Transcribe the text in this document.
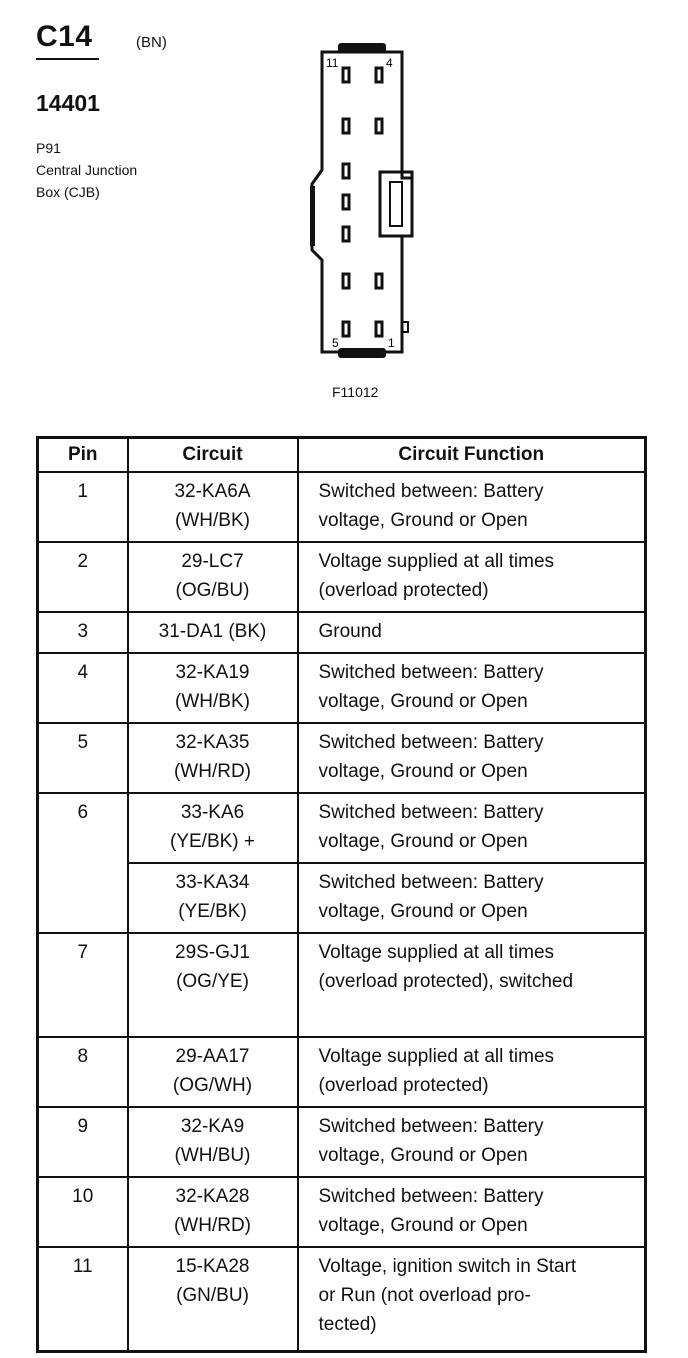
C14	(BN)
14401
P91
Central Junction
Box (CJB)
11	4
5	1
F11012
Pin	Circuit	Circuit Function
1	32-KA6A
(WH/BK)	Switched between: Battery
voltage, Ground or Open

2	29-LC7
(OG/BU)	Voltage supplied at all times
(overload protected)

3	31-DA1 (BK)	Ground

4	32-KA19
(WH/BK)	Switched between: Battery
voltage, Ground or Open

5	32-KA35
(WH/RD)	Switched between: Battery
voltage, Ground or Open

6	33-KA6
(YE/BK) +	Switched between: Battery
voltage, Ground or Open

	33-KA34
(YE/BK)	Switched between: Battery
voltage, Ground or Open

7	29S-GJ1
(OG/YE)	Voltage supplied at all times
(overload protected), switched

8	29-AA17
(OG/WH)	Voltage supplied at all times
(overload protected)

9	32-KA9
(WH/BU)	Switched between: Battery
voltage, Ground or Open

10	32-KA28
(WH/RD)	Switched between: Battery
voltage, Ground or Open

11	15-KA28
(GN/BU)	Voltage, ignition switch in Start
or Run (not overload pro-
tected)
